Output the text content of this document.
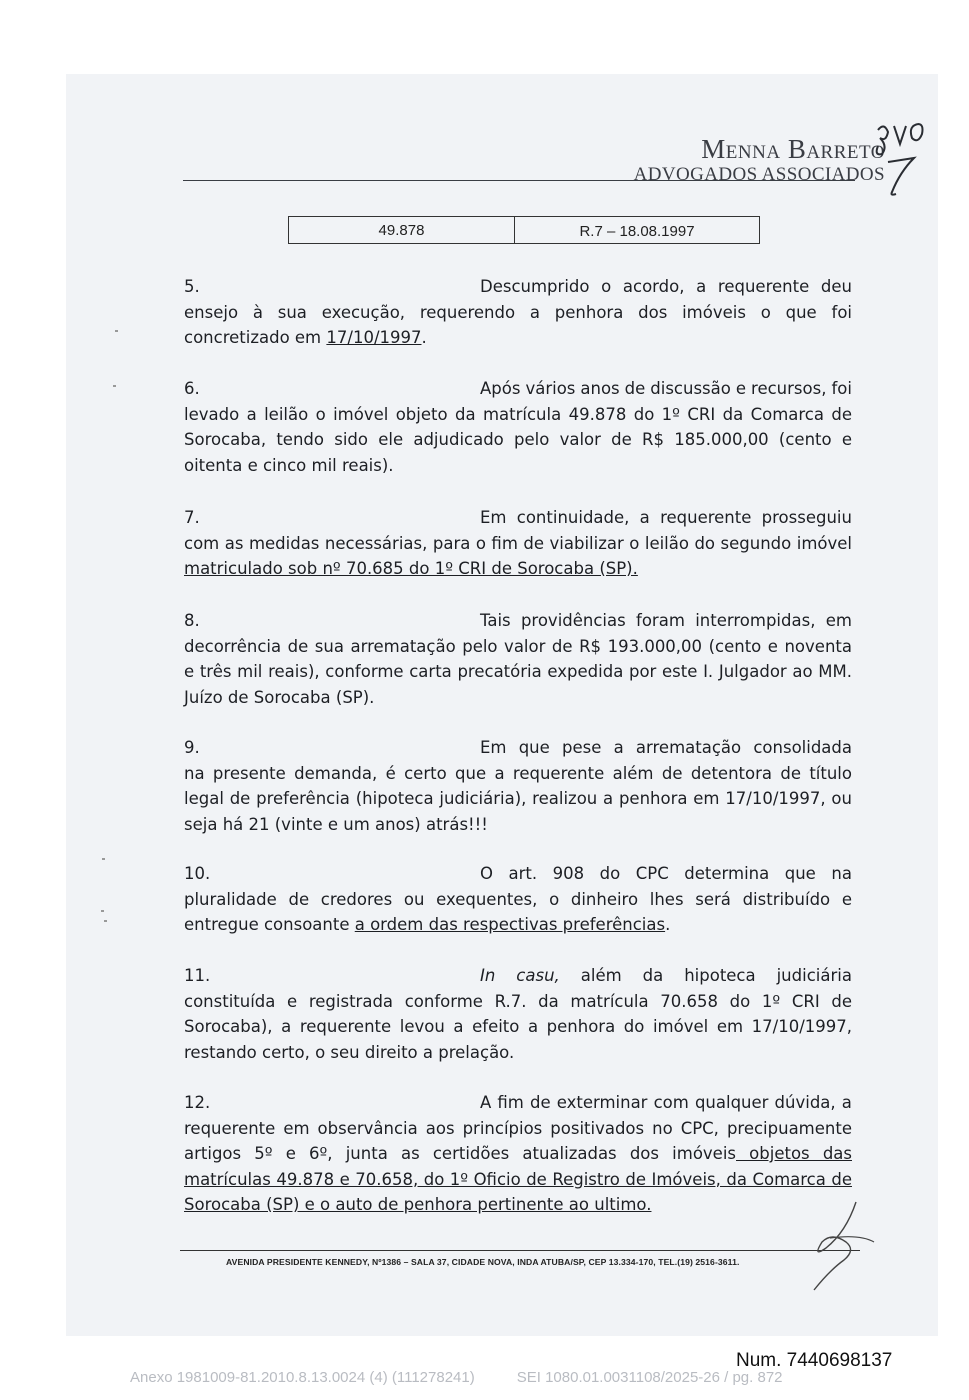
Menna Barreto
ADVOGADOS ASSOCIADOS
49.878	R.7 – 18.08.1997
5.	Descumprido o acordo, a requerente deu
ensejo à sua execução, requerendo a penhora dos imóveis o que foi concretizado em 17/10/1997.
6.	Após vários anos de discussão e recursos, foi
levado a leilão o imóvel objeto da matrícula 49.878 do 1º CRI da Comarca de Sorocaba, tendo sido ele adjudicado pelo valor de R$ 185.000,00 (cento e oitenta e cinco mil reais).
7.	Em continuidade, a requerente prosseguiu
com as medidas necessárias, para o fim de viabilizar o leilão do segundo imóvel matriculado sob nº 70.685 do 1º CRI de Sorocaba (SP).
8.	Tais providências foram interrompidas, em
decorrência de sua arrematação pelo valor de R$ 193.000,00 (cento e noventa e três mil reais), conforme carta precatória expedida por este I. Julgador ao MM. Juízo de Sorocaba (SP).
9.	Em que pese a arrematação consolidada
na presente demanda, é certo que a requerente além de detentora de título legal de preferência (hipoteca judiciária), realizou a penhora em 17/10/1997, ou seja há 21 (vinte e um anos) atrás!!!
10.	O art. 908 do CPC determina que na
pluralidade de credores ou exequentes, o dinheiro lhes será distribuído e entregue consoante a ordem das respectivas preferências.
11.	In casu, além da hipoteca judiciária
constituída e registrada conforme R.7. da matrícula 70.658 do 1º CRI de Sorocaba), a requerente levou a efeito a penhora do imóvel em 17/10/1997, restando certo, o seu direito a prelação.
12.	A fim de exterminar com qualquer dúvida, a
requerente em observância aos princípios positivados no CPC, precipuamente artigos 5º e 6º, junta as certidões atualizadas dos imóveis objetos das matrículas 49.878 e 70.658, do 1º Oficio de Registro de Imóveis, da Comarca de Sorocaba (SP) e o auto de penhora pertinente ao ultimo.
AVENIDA PRESIDENTE KENNEDY, Nº1386 – SALA 37, CIDADE NOVA, INDA ATUBA/SP, CEP 13.334-170, TEL.(19) 2516-3611.
Num. 7440698137
Anexo 1981009-81.2010.8.13.0024 (4) (111278241)	SEI 1080.01.0031108/2025-26 / pg. 872
